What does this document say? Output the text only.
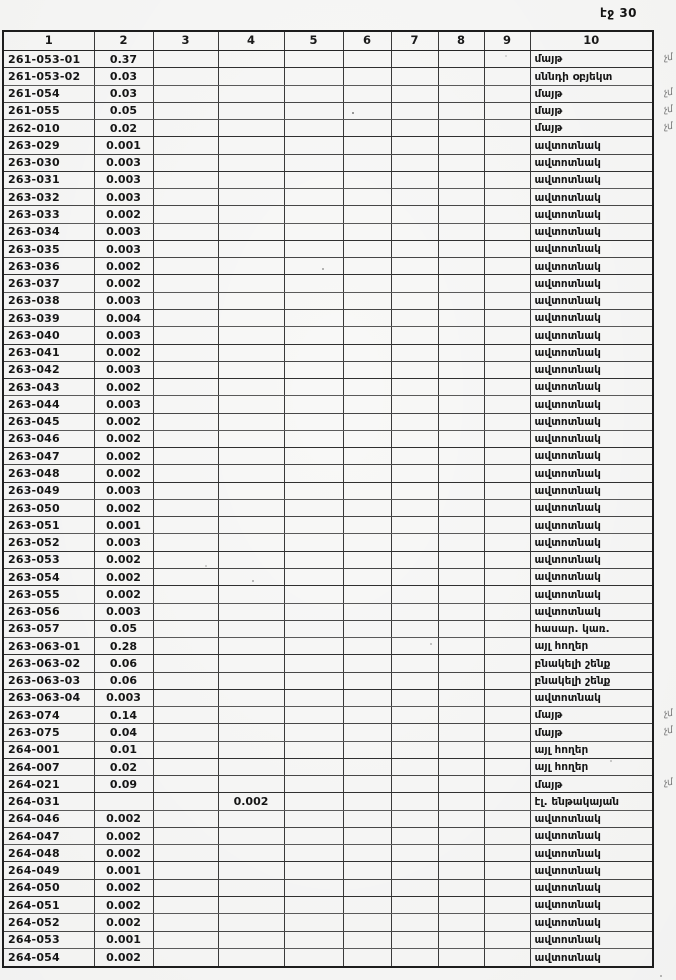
էջ 30
1	2	3	4	5	6	7	8	9	10
261-053-01	0.37								մայթ չմ

261-053-02	0.03								սննդի օբյեկտ
261-054	0.03								մայթ չմ

261-055	0.05								մայթ չմ

262-010	0.02								մայթ չմ

263-029	0.001								ավտոտնակ
263-030	0.003								ավտոտնակ
263-031	0.003								ավտոտնակ
263-032	0.003								ավտոտնակ
263-033	0.002								ավտոտնակ
263-034	0.003								ավտոտնակ
263-035	0.003								ավտոտնակ
263-036	0.002								ավտոտնակ
263-037	0.002								ավտոտնակ
263-038	0.003								ավտոտնակ
263-039	0.004								ավտոտնակ
263-040	0.003								ավտոտնակ
263-041	0.002								ավտոտնակ
263-042	0.003								ավտոտնակ
263-043	0.002								ավտոտնակ
263-044	0.003								ավտոտնակ
263-045	0.002								ավտոտնակ
263-046	0.002								ավտոտնակ
263-047	0.002								ավտոտնակ
263-048	0.002								ավտոտնակ
263-049	0.003								ավտոտնակ
263-050	0.002								ավտոտնակ
263-051	0.001								ավտոտնակ
263-052	0.003								ավտոտնակ
263-053	0.002								ավտոտնակ
263-054	0.002								ավտոտնակ
263-055	0.002								ավտոտնակ
263-056	0.003								ավտոտնակ
263-057	0.05								հասար. կառ.
263-063-01	0.28								այլ հողեր
263-063-02	0.06								բնակելի շենք
263-063-03	0.06								բնակելի շենք
263-063-04	0.003								ավտոտնակ
263-074	0.14								մայթ չմ

263-075	0.04								մայթ չմ

264-001	0.01								այլ հողեր
264-007	0.02								այլ հողեր
264-021	0.09								մայթ չմ

264-031			0.002						էլ. ենթակայան
264-046	0.002								ավտոտնակ
264-047	0.002								ավտոտնակ
264-048	0.002								ավտոտնակ
264-049	0.001								ավտոտնակ
264-050	0.002								ավտոտնակ
264-051	0.002								ավտոտնակ
264-052	0.002								ավտոտնակ
264-053	0.001								ավտոտնակ
264-054	0.002								ավտոտնակ
